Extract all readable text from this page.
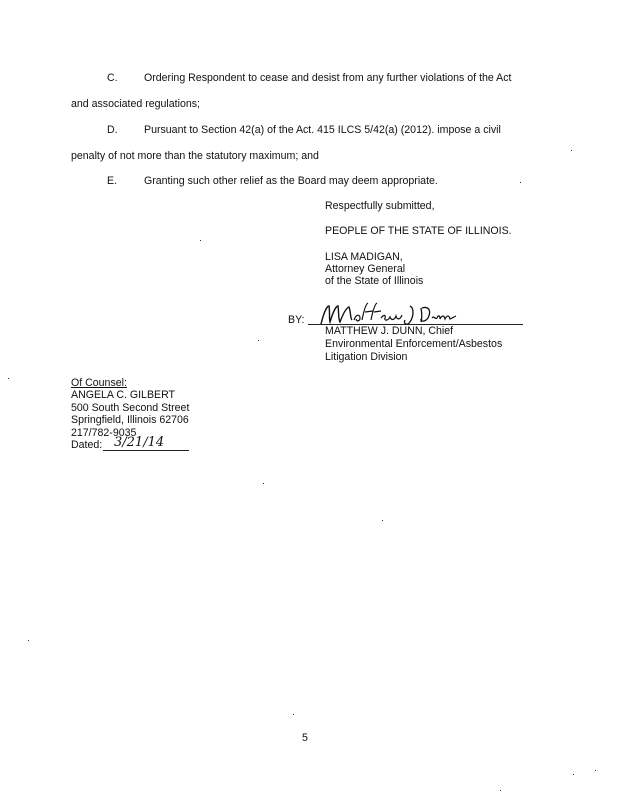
C. Ordering Respondent to cease and desist from any further violations of the Act
and associated regulations;
D. Pursuant to Section 42(a) of the Act. 415 ILCS 5/42(a) (2012). impose a civil
penalty of not more than the statutory maximum; and
E.	Granting such other relief as the Board may deem appropriate.
Respectfully submitted,
PEOPLE OF THE STATE OF ILLINOIS.
LISA MADIGAN,
Attorney General
of the State of Illinois
BY:
MATTHEW J. DUNN, Chief
Environmental Enforcement/Asbestos
Litigation Division
Of Counsel:
ANGELA C. GILBERT
500 South Second Street
Springfield, Illinois 62706
217/782-9035
Dated: 3/21/14
5
